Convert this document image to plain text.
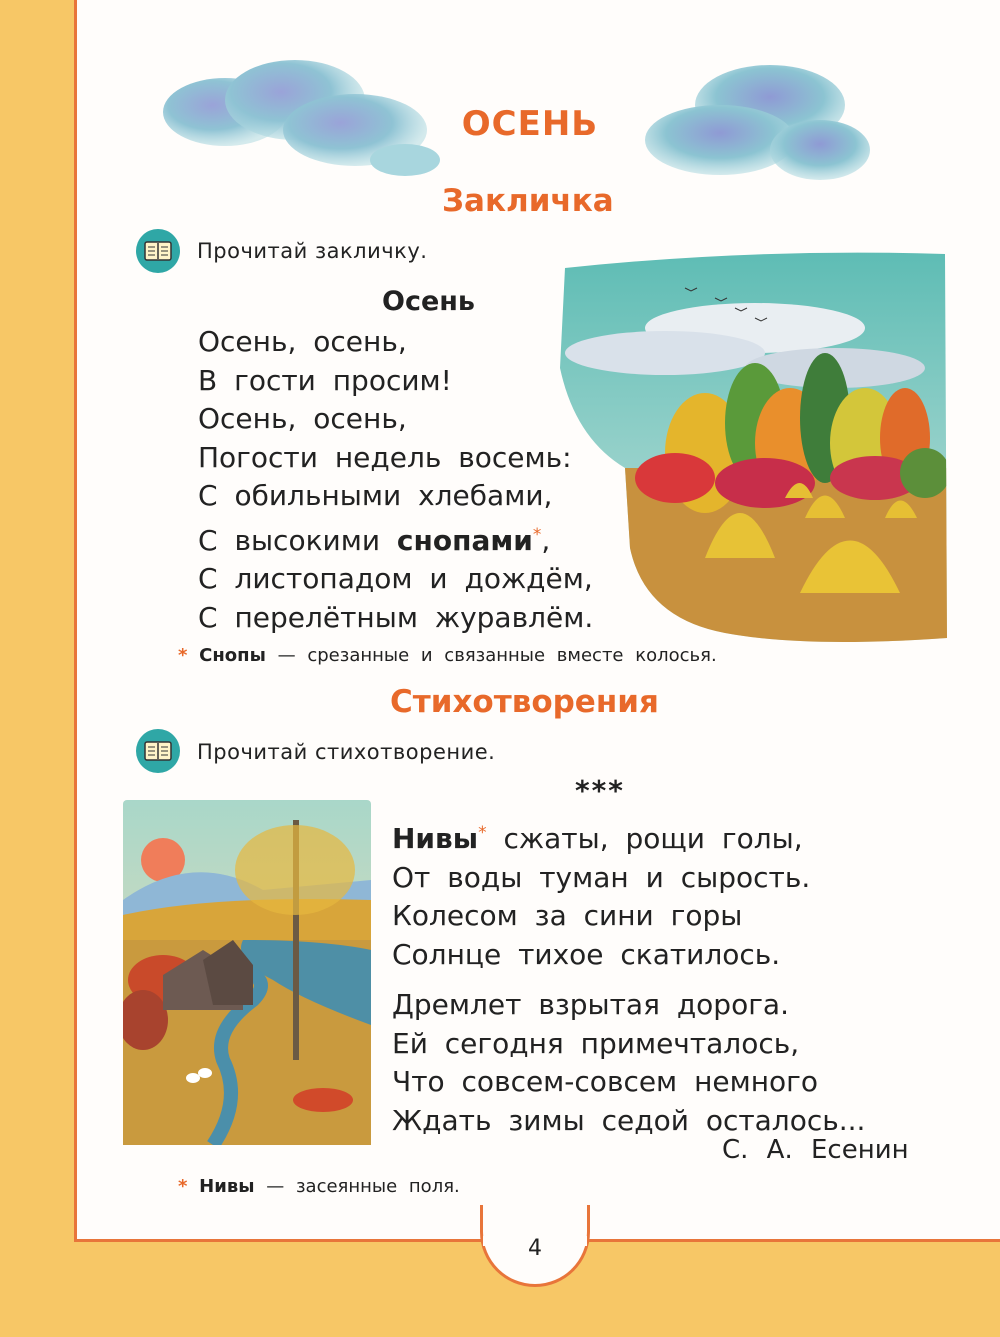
ОСЕНЬ
Закличка
Прочитай закличку.
Осень
Осень, осень,
В гости просим!
Осень, осень,
Погости недель восемь:
С обильными хлебами,
С высокими снопами*,
С листопадом и дождём,
С перелётным журавлём.
* Снопы — срезанные и связанные вместе колосья.
Стихотворения
Прочитай стихотворение.
***
Нивы* сжаты, рощи голы,
От воды туман и сырость.
Колесом за сини горы
Солнце тихое скатилось.
Дремлет взрытая дорога.
Ей сегодня примечталось,
Что совсем-совсем немного
Ждать зимы седой осталось...
С. А. Есенин
* Нивы — засеянные поля.
4
